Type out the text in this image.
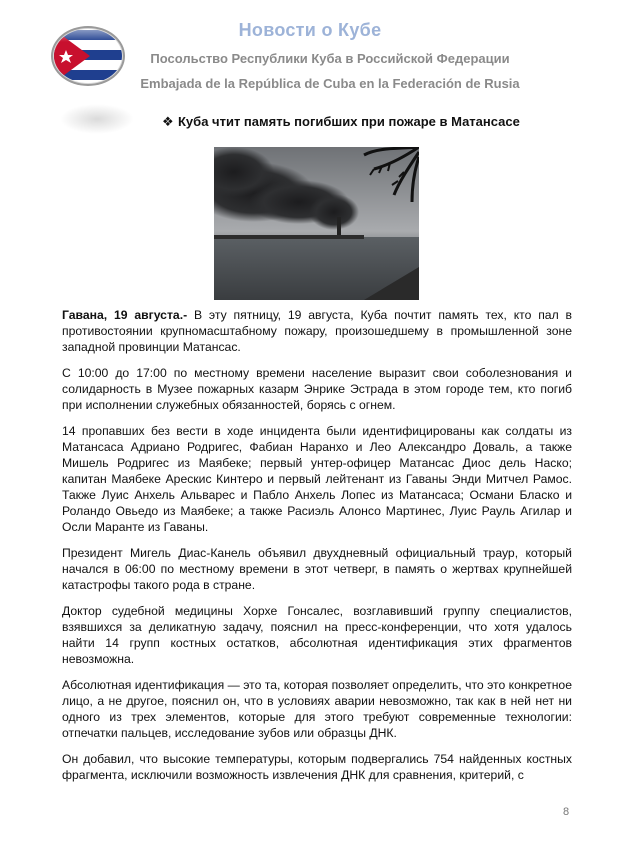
Новости о Кубе
Посольство Республики Куба в Российской Федерации
Embajada de la República de Cuba en la Federación de Rusia
❖ Куба чтит память погибших при пожаре в Матансасе

Гавана, 19 августа.- В эту пятницу, 19 августа, Куба почтит память тех, кто пал в противостоянии крупномасштабному пожару, произошедшему в промышленной зоне западной провинции Матансас.

С 10:00 до 17:00 по местному времени население выразит свои соболезнования и солидарность в Музее пожарных казарм Энрике Эстрада в этом городе тем, кто погиб при исполнении служебных обязанностей, борясь с огнем.

14 пропавших без вести в ходе инцидента были идентифицированы как солдаты из Матансаса Адриано Родригес, Фабиан Наранхо и Лео Александро Доваль, а также Мишель Родригес из Маябеке; первый унтер-офицер Матансас Диос дель Наско; капитан Маябеке Арескис Кинтеро и первый лейтенант из Гаваны Энди Митчел Рамос. Также Луис Анхель Альварес и Пабло Анхель Лопес из Матансаса; Османи Бласко и Роландо Овьедо из Маябеке; а также Расиэль Алонсо Мартинес, Луис Рауль Агилар и Осли Маранте из Гаваны.

Президент Мигель Диас-Канель объявил двухдневный официальный траур, который начался в 06:00 по местному времени в этот четверг, в память о жертвах крупнейшей катастрофы такого рода в стране.

Доктор судебной медицины Хорхе Гонсалес, возглавивший группу специалистов, взявшихся за деликатную задачу, пояснил на пресс-конференции, что хотя удалось найти 14 групп костных остатков, абсолютная идентификация этих фрагментов невозможна.

Абсолютная идентификация — это та, которая позволяет определить, что это конкретное лицо, а не другое, пояснил он, что в условиях аварии невозможно, так как в ней нет ни одного из трех элементов, которые для этого требуют современные технологии: отпечатки пальцев, исследование зубов или образцы ДНК.

Он добавил, что высокие температуры, которым подвергались 754 найденных костных фрагмента, исключили возможность извлечения ДНК для сравнения, критерий, с

8
